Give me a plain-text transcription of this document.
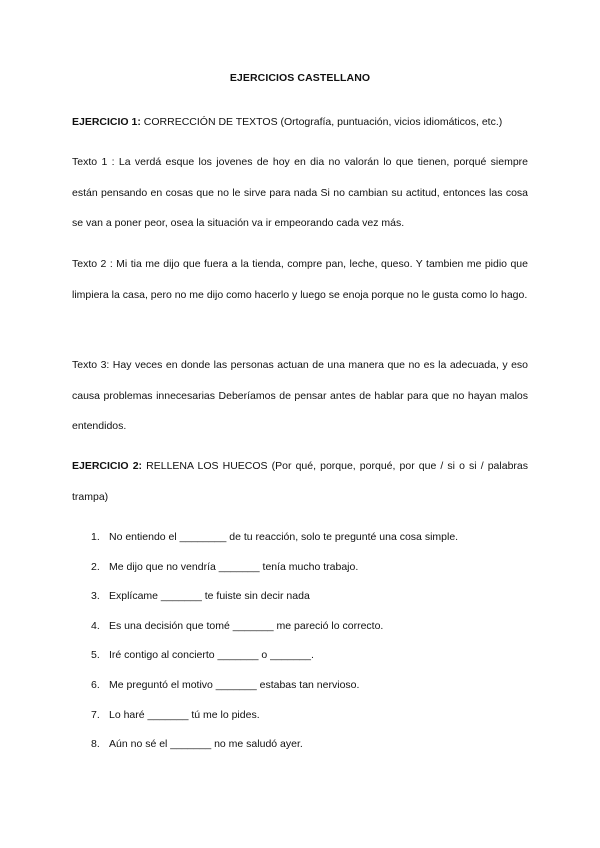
EJERCICIOS CASTELLANO
EJERCICIO 1: CORRECCIÓN DE TEXTOS (Ortografía, puntuación, vicios idiomáticos, etc.)
Texto 1 : La verdá esque los jovenes de hoy en dia no valorán lo que tienen, porqué siempre están pensando en cosas que no le sirve para nada Si no cambian su actitud, entonces las cosa se van a poner peor, osea la situación va ir empeorando cada vez más.
Texto 2 : Mi tia me dijo que fuera a la tienda, compre pan, leche, queso. Y tambien me pidio que limpiera la casa, pero no me dijo como hacerlo y luego se enoja porque no le gusta como lo hago.
Texto 3: Hay veces en donde las personas actuan de una manera que no es la adecuada, y eso causa problemas innecesarias Deberíamos de pensar antes de hablar para que no hayan malos entendidos.
EJERCICIO 2: RELLENA LOS HUECOS (Por qué, porque, porqué, por que / si o si / palabras trampa)
1. No entiendo el ________ de tu reacción, solo te pregunté una cosa simple.
2. Me dijo que no vendría _______ tenía mucho trabajo.
3. Explícame _______ te fuiste sin decir nada
4. Es una decisión que tomé _______ me pareció lo correcto.
5. Iré contigo al concierto _______ o _______.
6. Me preguntó el motivo _______ estabas tan nervioso.
7. Lo haré _______ tú me lo pides.
8. Aún no sé el _______ no me saludó ayer.
